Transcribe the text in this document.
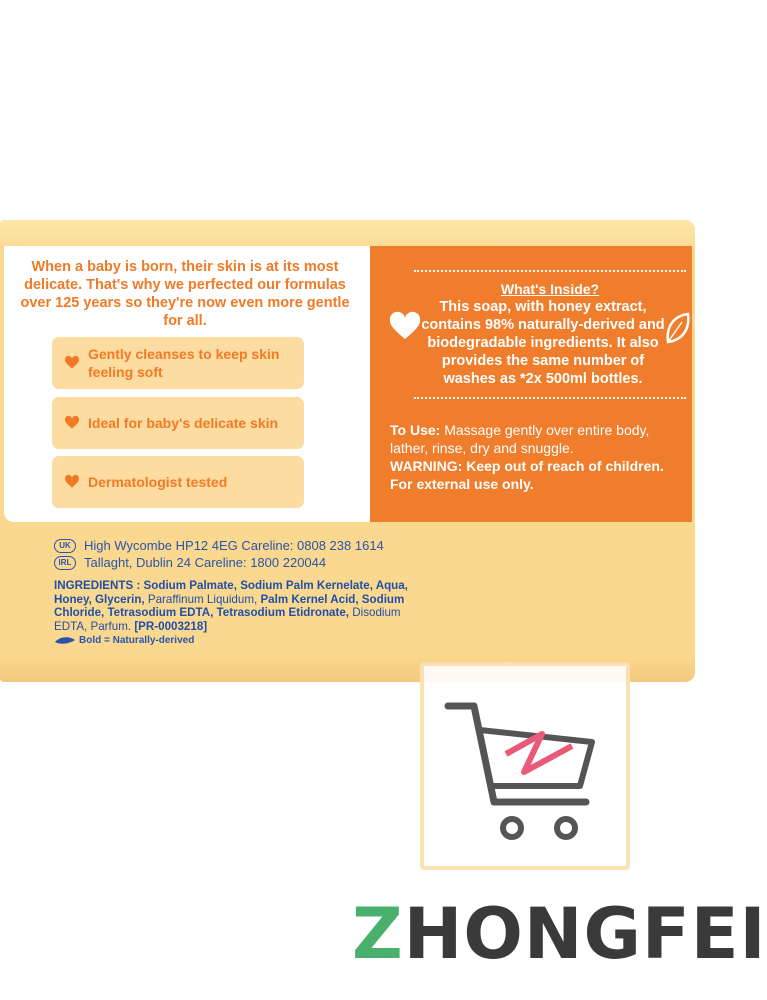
When a baby is born, their skin is at its most delicate. That's why we perfected our formulas over 125 years so they're now even more gentle for all.
Gently cleanses to keep skin feeling soft
Ideal for baby's delicate skin
Dermatologist tested
What's Inside?
This soap, with honey extract, contains 98% naturally-derived and biodegradable ingredients. It also provides the same number of washes as *2x 500ml bottles.
To Use: Massage gently over entire body, lather, rinse, dry and snuggle.
WARNING: Keep out of reach of children. For external use only.
UK	High Wycombe HP12 4EG Careline: 0808 238 1614
IRL Tallaght, Dublin 24 Careline: 1800 220044
INGREDIENTS : Sodium Palmate, Sodium Palm Kernelate, Aqua, Honey, Glycerin, Paraffinum Liquidum, Palm Kernel Acid, Sodium Chloride, Tetrasodium EDTA, Tetrasodium Etidronate, Disodium EDTA, Parfum. [PR-0003218]
Bold = Naturally-derived
ZHONGFEI
